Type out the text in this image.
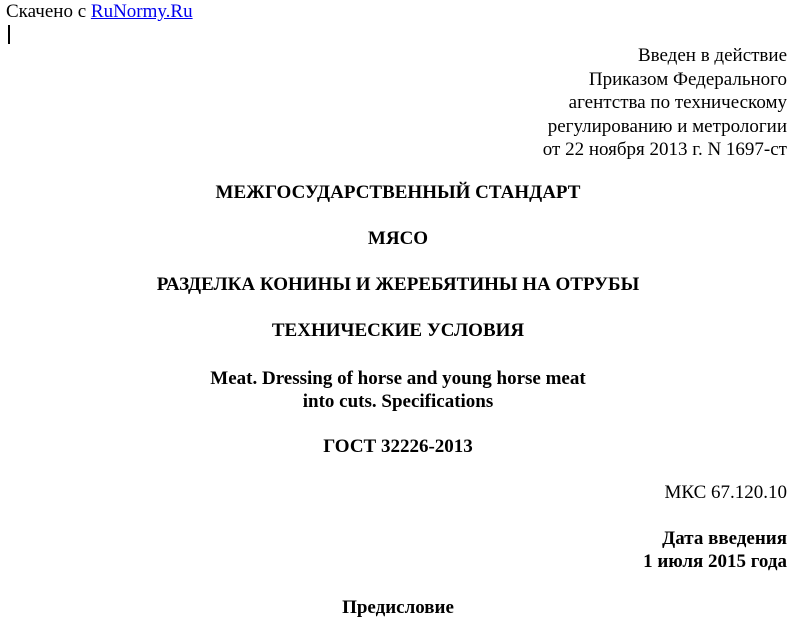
Скачено с RuNormy.Ru
Введен в действие
Приказом Федерального
агентства по техническому
регулированию и метрологии
от 22 ноября 2013 г. N 1697-ст
МЕЖГОСУДАРСТВЕННЫЙ СТАНДАРТ
МЯСО
РАЗДЕЛКА КОНИНЫ И ЖЕРЕБЯТИНЫ НА ОТРУБЫ
ТЕХНИЧЕСКИЕ УСЛОВИЯ
Meat. Dressing of horse and young horse meat
into cuts. Specifications
ГОСТ 32226-2013
МКС 67.120.10
Дата введения
1 июля 2015 года
Предисловие
